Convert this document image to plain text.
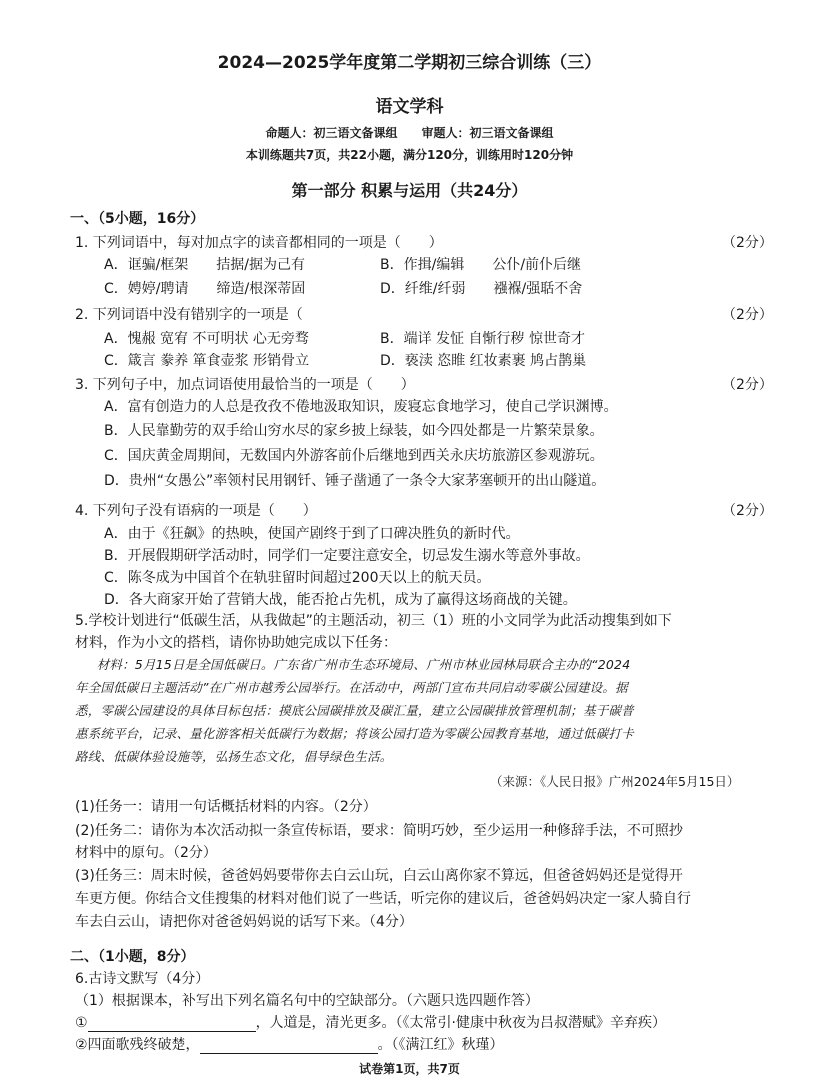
2024—2025学年度第二学期初三综合训练（三）
语文学科
命题人：初三语文备课组　　审题人：初三语文备课组
本训练题共7页，共22小题，满分120分，训练用时120分钟
第一部分 积累与运用（共24分）
一、（5小题，16分）
1. 下列词语中，每对加点字的读音都相同的一项是（　　）	（2分）
A．诓骗/框架　　拮据/据为己有	B．作揖/编辑　　公仆/前仆后继
C．娉婷/聘请　　缔造/根深蒂固	D．纤维/纤弱　　襁褓/强聒不舍
2. 下列词语中没有错别字的一项是（	（2分）
A．愧赧 宽宥 不可明状 心无旁骛	B．端详 发怔 自惭行秽 惊世奇才
C．箴言 豢养 箪食壶浆 形销骨立	D．亵渎 恣睢 红妆素裹 鸠占鹊巢
3. 下列句子中，加点词语使用最恰当的一项是（　　）	（2分）
A．富有创造力的人总是孜孜不倦地汲取知识，废寝忘食地学习，使自己学识渊博。
B．人民靠勤劳的双手给山穷水尽的家乡披上绿装，如今四处都是一片繁荣景象。
C．国庆黄金周期间，无数国内外游客前仆后继地到西关永庆坊旅游区参观游玩。
D．贵州“女愚公”率领村民用钢钎、锤子凿通了一条令大家茅塞顿开的出山隧道。
4. 下列句子没有语病的一项是（　　）	（2分）
A．由于《狂飙》的热映，使国产剧终于到了口碑决胜负的新时代。
B．开展假期研学活动时，同学们一定要注意安全，切忌发生溺水等意外事故。
C．陈冬成为中国首个在轨驻留时间超过200天以上的航天员。
D．各大商家开始了营销大战，能否抢占先机，成为了赢得这场商战的关键。
5.学校计划进行“低碳生活，从我做起”的主题活动，初三（1）班的小文同学为此活动搜集到如下
材料，作为小文的搭档，请你协助她完成以下任务：
　材料：5月15日是全国低碳日。广东省广州市生态环境局、广州市林业园林局联合主办的“2024
年全国低碳日主题活动”在广州市越秀公园举行。在活动中，两部门宣布共同启动零碳公园建设。据
悉，零碳公园建设的具体目标包括：摸底公园碳排放及碳汇量，建立公园碳排放管理机制；基于碳普
惠系统平台，记录、量化游客相关低碳行为数据；将该公园打造为零碳公园教育基地，通过低碳打卡
路线、低碳体验设施等，弘扬生态文化，倡导绿色生活。
（来源：《人民日报》广州2024年5月15日）
(1)任务一：请用一句话概括材料的内容。（2分）
(2)任务二：请你为本次活动拟一条宣传标语，要求：简明巧妙，至少运用一种修辞手法，不可照抄
材料中的原句。（2分）
(3)任务三：周末时候，爸爸妈妈要带你去白云山玩，白云山离你家不算远，但爸爸妈妈还是觉得开
车更方便。你结合文佳搜集的材料对他们说了一些话，听完你的建议后，爸爸妈妈决定一家人骑自行
车去白云山，请把你对爸爸妈妈说的话写下来。（4分）
二、（1小题，8分）
6.古诗文默写（4分）
（1）根据课本，补写出下列名篇名句中的空缺部分。（六题只选四题作答）
①	，人道是，清光更多。（《太常引·健康中秋夜为吕叔潜赋》辛弃疾）
②四面歌残终破楚，	。（《满江红》秋瑾）
试卷第1页，共7页
